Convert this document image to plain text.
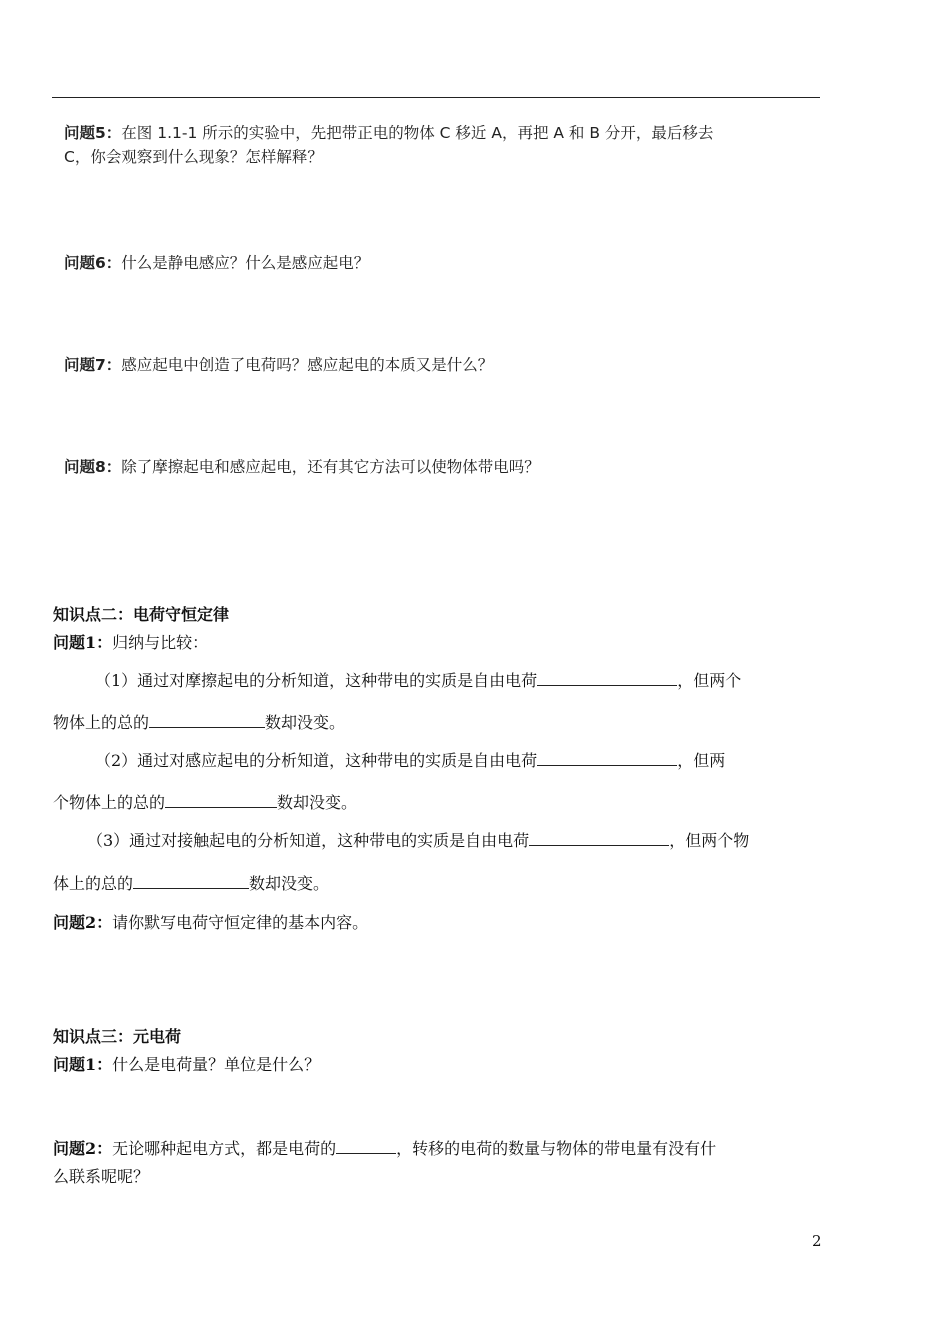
问题5：在图 1.1-1 所示的实验中，先把带正电的物体 C 移近 A，再把 A 和 B 分开，最后移去
C，你会观察到什么现象？怎样解释？
问题6：什么是静电感应？什么是感应起电？
问题7：感应起电中创造了电荷吗？感应起电的本质又是什么？
问题8：除了摩擦起电和感应起电，还有其它方法可以使物体带电吗？
知识点二：电荷守恒定律
问题1：归纳与比较：
（1）通过对摩擦起电的分析知道，这种带电的实质是自由电荷	，但两个
物体上的总的	数却没变。
（2）通过对感应起电的分析知道，这种带电的实质是自由电荷	，但两
个物体上的总的	数却没变。
（3）通过对接触起电的分析知道，这种带电的实质是自由电荷	，但两个物
体上的总的	数却没变。
问题2：请你默写电荷守恒定律的基本内容。
知识点三：元电荷
问题1：什么是电荷量？单位是什么？
问题2：无论哪种起电方式，都是电荷的	，转移的电荷的数量与物体的带电量有没有什
么联系呢呢？
2
